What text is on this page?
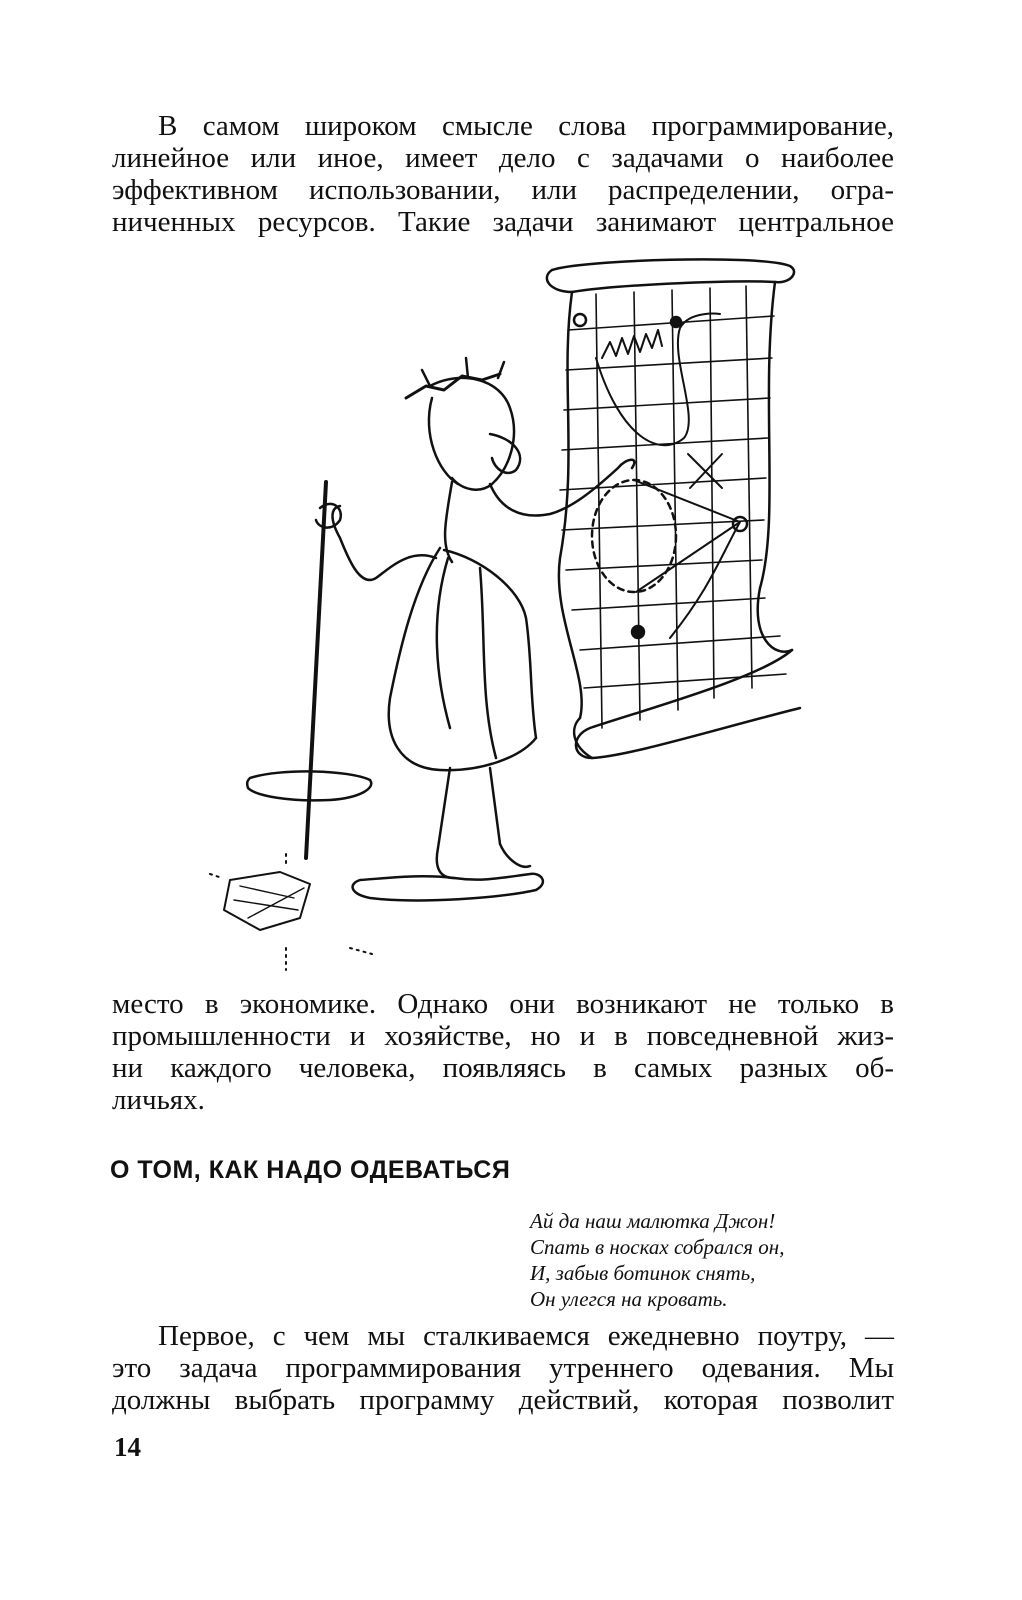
В самом широком смысле слова программирование,
линейное или иное, имеет дело с задачами о наиболее
эффективном использовании, или распределении, огра-
ниченных ресурсов. Такие задачи занимают центральное

место в экономике. Однако они возникают не только в
промышленности и хозяйстве, но и в повседневной жиз-
ни каждого человека, появляясь в самых разных об-
личьях.

О ТОМ, КАК НАДО ОДЕВАТЬСЯ
Ай да наш малютка Джон!
Спать в носках собрался он,
И, забыв ботинок снять,
Он улегся на кровать.

Первое, с чем мы сталкиваемся ежедневно поутру, —
это задача программирования утреннего одевания. Мы
должны выбрать программу действий, которая позволит

14
